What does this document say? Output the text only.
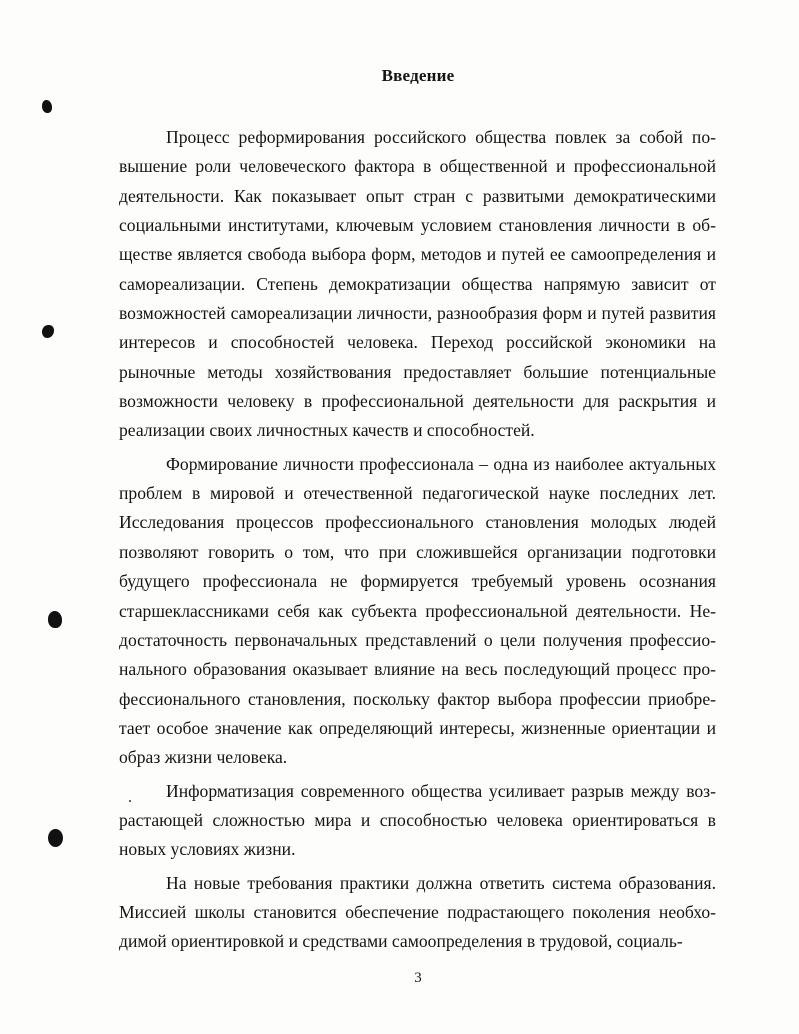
Введение

Процесс реформирования российского общества повлек за собой повышение роли человеческого фактора в общественной и профессиональной деятельности. Как показывает опыт стран с развитыми демократическими социальными институтами, ключевым условием становления личности в обществе является свобода выбора форм, методов и путей ее самоопределения и самореализации. Степень демократизации общества напрямую зависит от возможностей самореализации личности, разнообразия форм и путей развития интересов и способностей человека. Переход российской экономики на рыночные методы хозяйствования предоставляет большие потенциальные возможности человеку в профессиональной деятельности для раскрытия и реализации своих личностных качеств и способностей.

Формирование личности профессионала – одна из наиболее актуальных проблем в мировой и отечественной педагогической науке последних лет. Исследования процессов профессионального становления молодых людей позволяют говорить о том, что при сложившейся организации подготовки будущего профессионала не формируется требуемый уровень осознания старшеклассниками себя как субъекта профессиональной деятельности. Недостаточность первоначальных представлений о цели получения профессионального образования оказывает влияние на весь последующий процесс профессионального становления, поскольку фактор выбора профессии приобретает особое значение как определяющий интересы, жизненные ориентации и образ жизни человека.

Информатизация современного общества усиливает разрыв между возрастающей сложностью мира и способностью человека ориентироваться в новых условиях жизни.

На новые требования практики должна ответить система образования. Миссией школы становится обеспечение подрастающего поколения необходимой ориентировкой и средствами самоопределения в трудовой, социаль-

3
